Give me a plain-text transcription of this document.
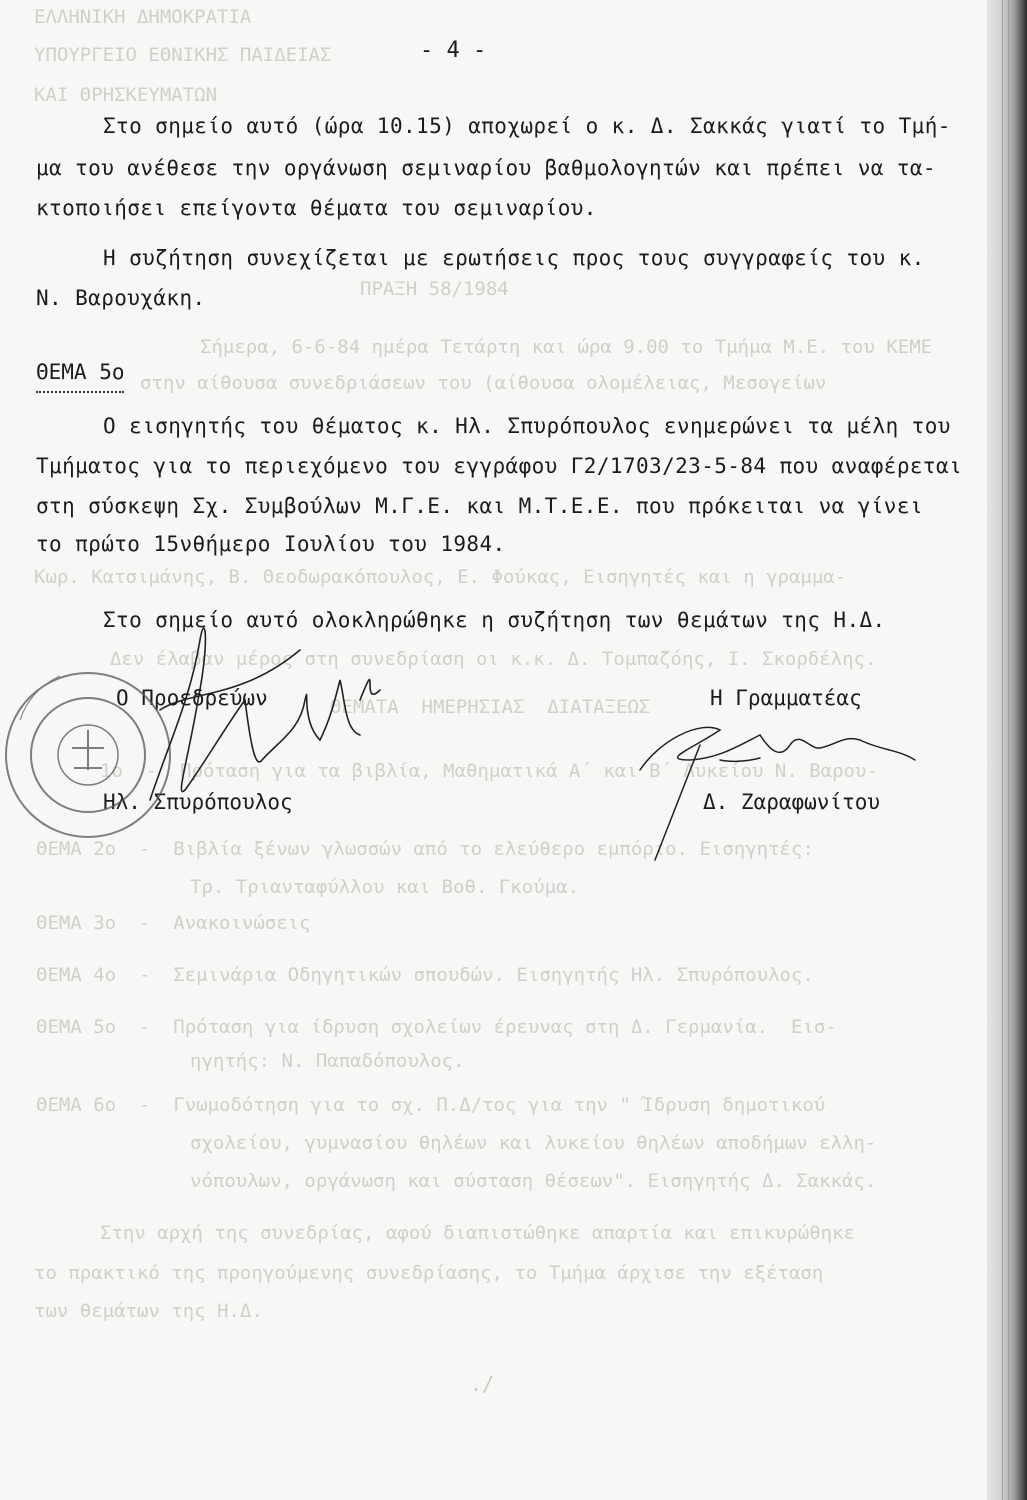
ΕΛΛΗΝΙΚΗ ΔΗΜΟΚΡΑΤΙΑ
ΥΠΟΥΡΓΕΙΟ ΕΘΝΙΚΗΣ ΠΑΙΔΕΙΑΣ
ΚΑΙ ΘΡΗΣΚΕΥΜΑΤΩΝ
ΠΡΑΞΗ 58/1984
Σήμερα, 6-6-84 ημέρα Τετάρτη και ώρα 9.00 το Τμήμα Μ.Ε. του ΚΕΜΕ
στην αίθουσα συνεδριάσεων του (αίθουσα ολομέλειας, Μεσογείων
Κωρ. Κατσιμάνης, Β. Θεοδωρακόπουλος, Ε. Φούκας, Εισηγητές και η γραμμα-
Δεν έλαβαν μέρος στη συνεδρίαση οι κ.κ. Δ. Τομπαζόης, Ι. Σκορδέλης.
ΘΕΜΑΤΑ  ΗΜΕΡΗΣΙΑΣ  ΔΙΑΤΑΞΕΩΣ
1ο  -  Πρόταση για τα βιβλία, Μαθηματικά Α΄ και Β΄ Λυκείου Ν. Βαρου-
ΘΕΜΑ 2ο  -  Βιβλία ξένων γλωσσών από το ελεύθερο εμπόριο. Εισηγητές:
Τρ. Τριανταφύλλου και Βοθ. Γκούμα.
ΘΕΜΑ 3ο  -  Ανακοινώσεις
ΘΕΜΑ 4ο  -  Σεμινάρια Οδηγητικών σπουδών. Εισηγητής Ηλ. Σπυρόπουλος.
ΘΕΜΑ 5ο  -  Πρόταση για ίδρυση σχολείων έρευνας στη Δ. Γερμανία.  Εισ-
ηγητής: Ν. Παπαδόπουλος.
ΘΕΜΑ 6ο  -  Γνωμοδότηση για το σχ. Π.Δ/τος για την " Ίδρυση δημοτικού
σχολείου, γυμνασίου θηλέων και λυκείου θηλέων αποδήμων ελλη-
νόπουλων, οργάνωση και σύσταση θέσεων". Εισηγητής Δ. Σακκάς.
Στην αρχή της συνεδρίας, αφού διαπιστώθηκε απαρτία και επικυρώθηκε
το πρακτικό της προηγούμενης συνεδρίασης, το Τμήμα άρχισε την εξέταση
των θεμάτων της Η.Δ.
- 4 -
Στο σημείο αυτό (ώρα 10.15) αποχωρεί ο κ. Δ. Σακκάς γιατί το Τμή-
μα του ανέθεσε την οργάνωση σεμιναρίου βαθμολογητών και πρέπει να τα-
κτοποιήσει επείγοντα θέματα του σεμιναρίου.
Η συζήτηση συνεχίζεται με ερωτήσεις προς τους συγγραφείς του κ.
Ν. Βαρουχάκη.
ΘΕΜΑ 5ο
Ο εισηγητής του θέματος κ. Ηλ. Σπυρόπουλος ενημερώνει τα μέλη του
Τμήματος για το περιεχόμενο του εγγράφου Γ2/1703/23-5-84 που αναφέρεται
στη σύσκεψη Σχ. Συμβούλων Μ.Γ.Ε. και Μ.Τ.Ε.Ε. που πρόκειται να γίνει
το πρώτο 15νθήμερο Ιουλίου του 1984.
Στο σημείο αυτό ολοκληρώθηκε η συζήτηση των θεμάτων της Η.Δ.
Ο Προεδρεύων
Ηλ. Σπυρόπουλος
Η Γραμματέας
Δ. Ζαραφωνίτου
./
